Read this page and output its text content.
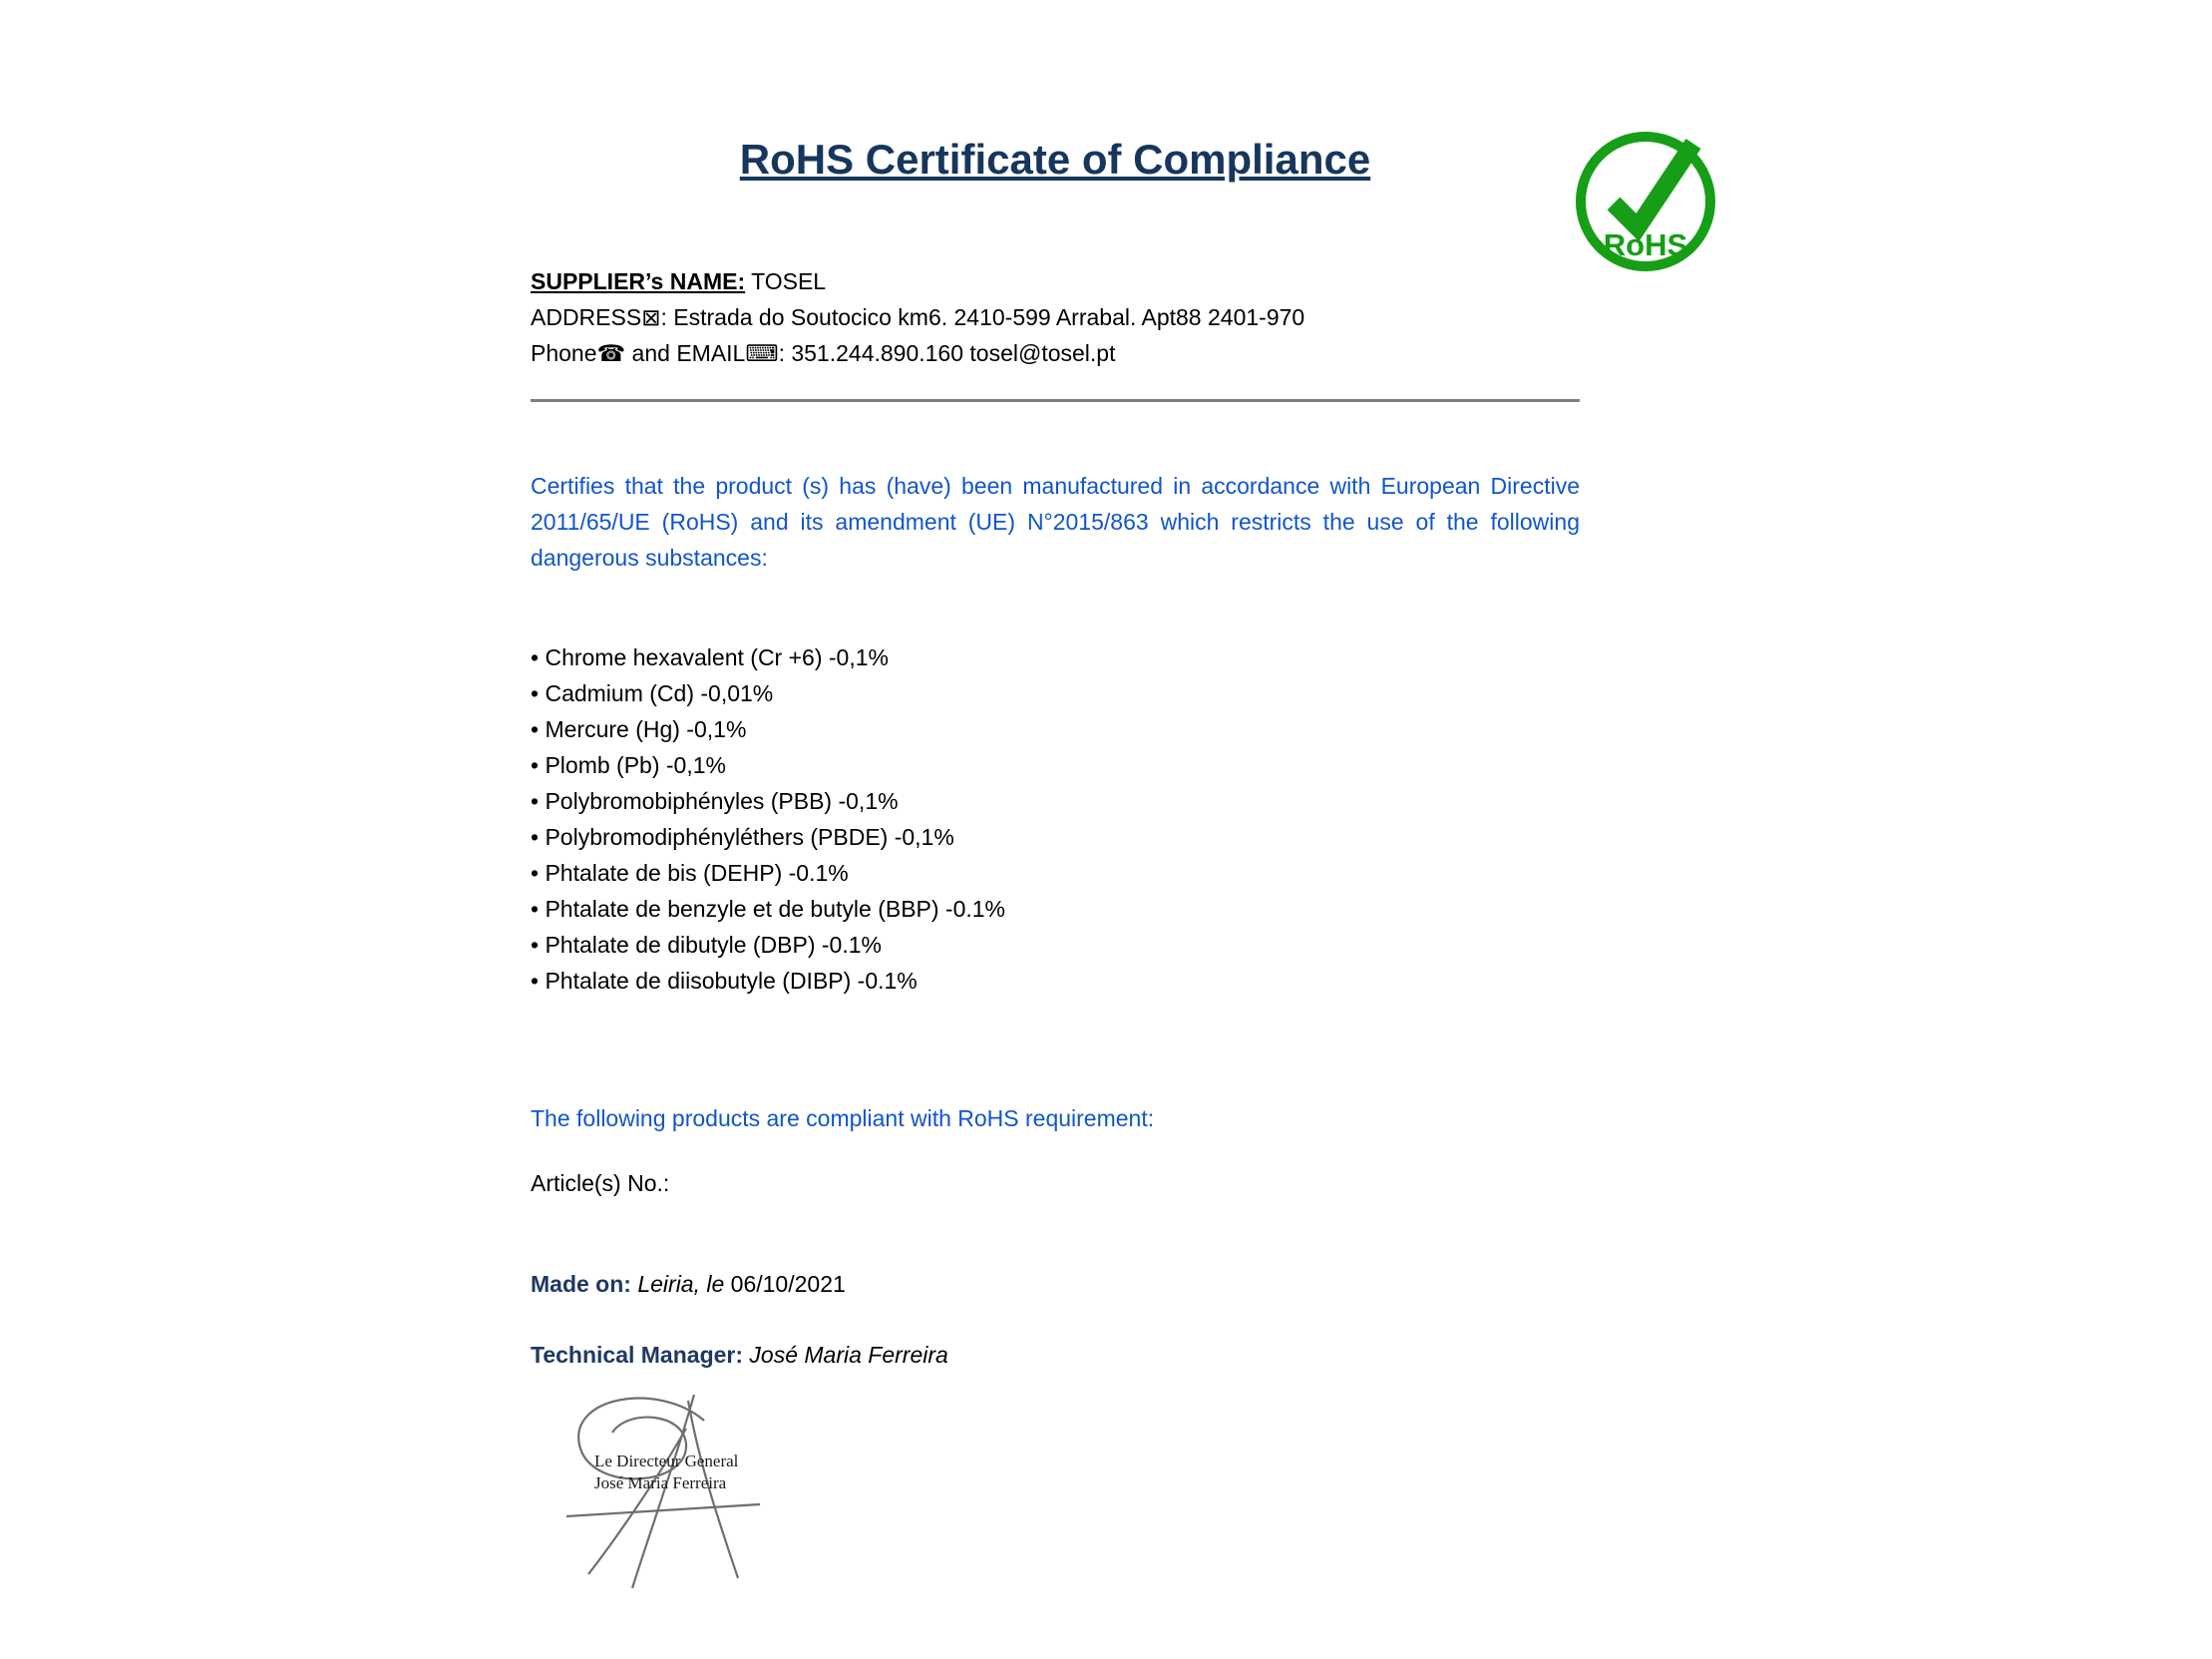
RoHS
RoHS Certificate of Compliance
SUPPLIER’s NAME: TOSEL
ADDRESS⊠: Estrada do Soutocico km6. 2410-599 Arrabal. Apt88 2401-970
Phone☎ and EMAIL⌨: 351.244.890.160 tosel@tosel.pt

Certifies that the product (s) has (have) been manufactured in accordance with European Directive 2011/65/UE (RoHS) and its amendment (UE) N°2015/863 which restricts the use of the following dangerous substances:

• Chrome hexavalent (Cr +6) -0,1%
• Cadmium (Cd) -0,01%
• Mercure (Hg) -0,1%
• Plomb (Pb) -0,1%
• Polybromobiphényles (PBB) -0,1%
• Polybromodiphényléthers (PBDE) -0,1%
• Phtalate de bis (DEHP) -0.1%
• Phtalate de benzyle et de butyle (BBP) -0.1%
• Phtalate de dibutyle (DBP) -0.1%
• Phtalate de diisobutyle (DIBP) -0.1%

The following products are compliant with RoHS requirement:

Article(s) No.:

Made on: Leiria, le 06/10/2021

Technical Manager: José Maria Ferreira

Le Directeur General
José Maria Ferreira
